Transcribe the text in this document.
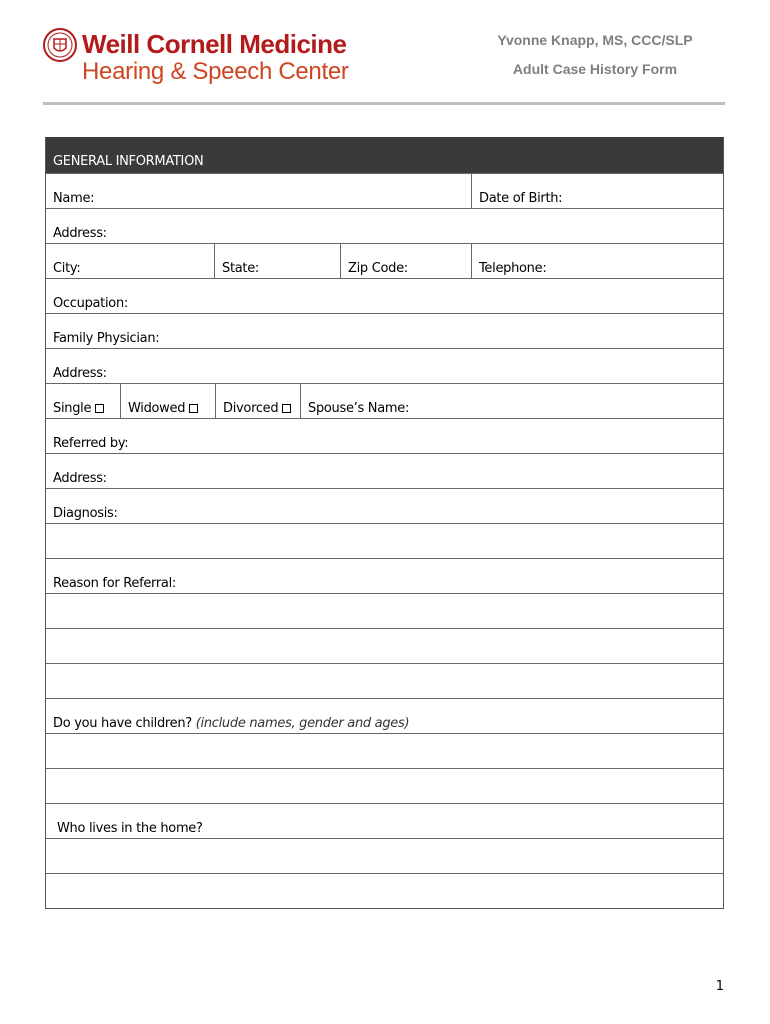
Weill Cornell Medicine
Hearing & Speech Center
Yvonne Knapp, MS, CCC/SLP
Adult Case History Form
GENERAL INFORMATION
Name:	Date of Birth:
Address:
City:	State:	Zip Code:	Telephone:
Occupation:
Family Physician:
Address:
Single	Widowed	Divorced	Spouse’s Name:
Referred by:
Address:
Diagnosis:
Reason for Referral:
Do you have children? (include names, gender and ages)
Who lives in the home?
1
